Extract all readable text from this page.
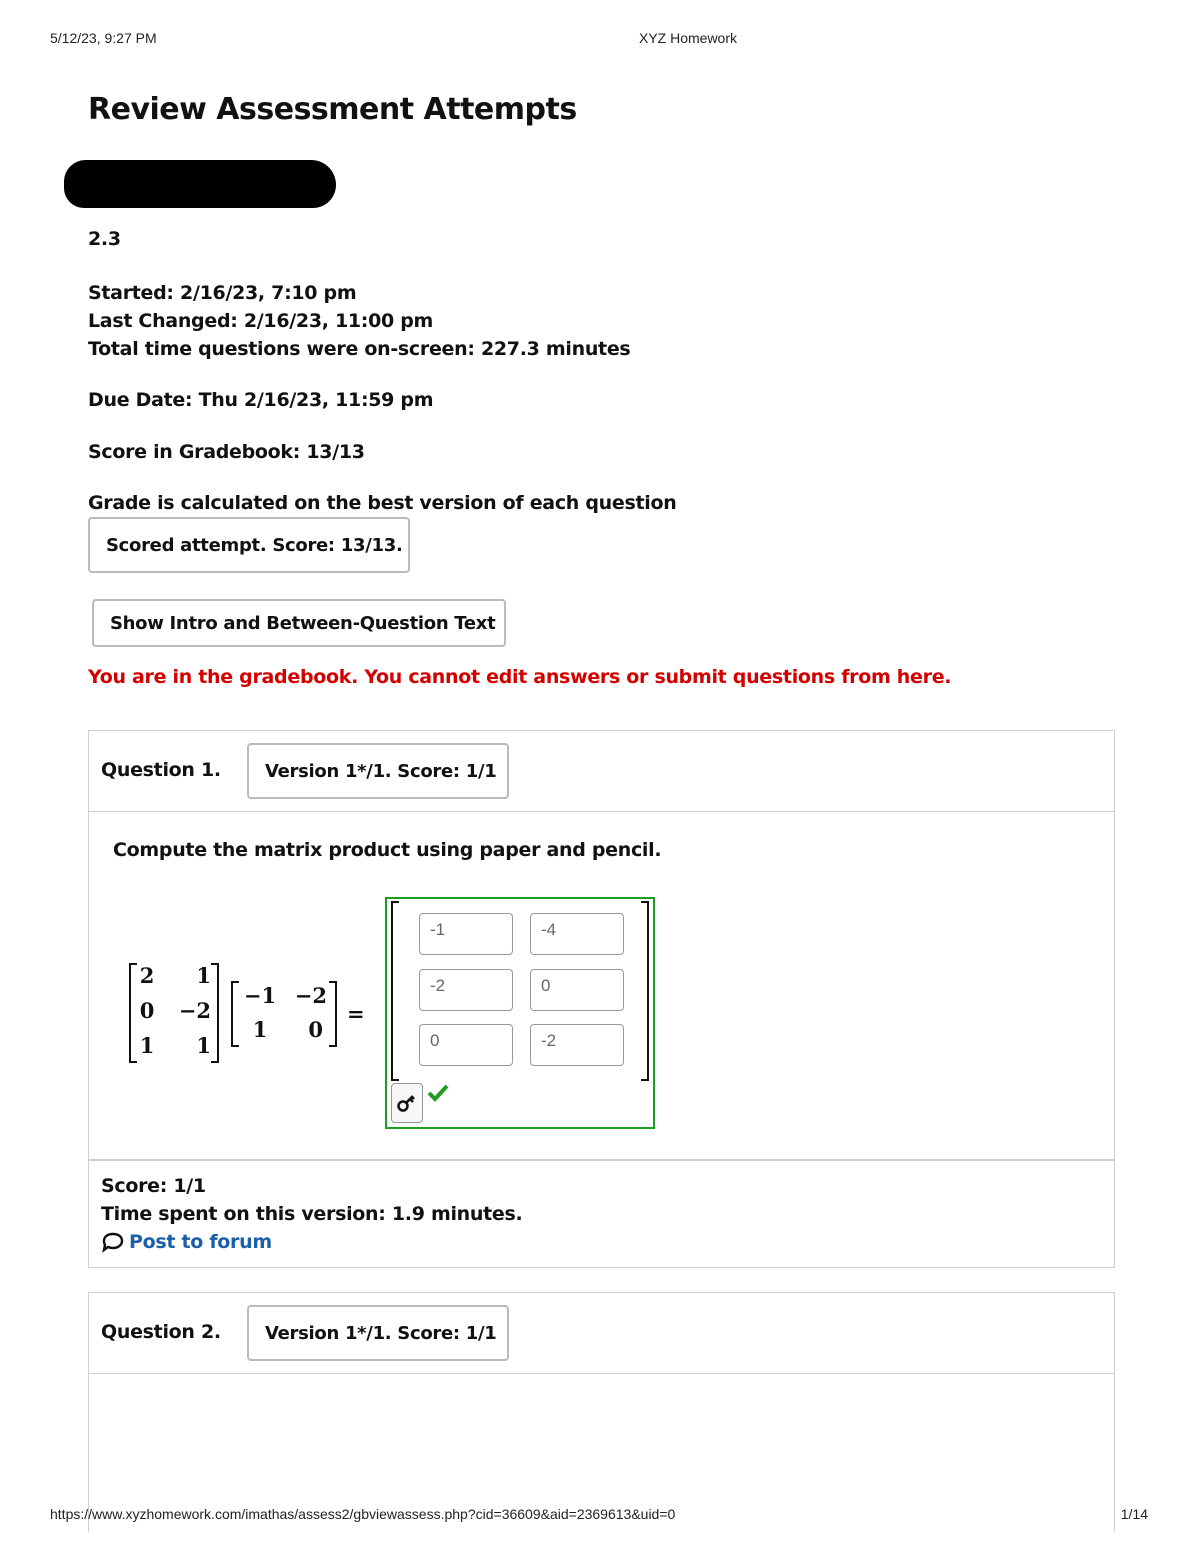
5/12/23, 9:27 PM	XYZ Homework
Review Assessment Attempts
2.3
Started: 2/16/23, 7:10 pm
Last Changed: 2/16/23, 11:00 pm
Total time questions were on-screen: 227.3 minutes
Due Date: Thu 2/16/23, 11:59 pm
Score in Gradebook: 13/13
Grade is calculated on the best version of each question
Scored attempt. Score: 13/13.
Show Intro and Between-Question Text
You are in the gradebook. You cannot edit answers or submit questions from here.
Question 1.	Version 1*/1. Score: 1/1
Compute the matrix product using paper and pencil.
2	1
0	−2
1	1
−1 −2
1	0
=
-1	-4
-2	0
0	-2
Score: 1/1
Time spent on this version: 1.9 minutes.
Post to forum
Question 2.	Version 1*/1. Score: 1/1
https://www.xyzhomework.com/imathas/assess2/gbviewassess.php?cid=36609&aid=2369613&uid=0	1/14
